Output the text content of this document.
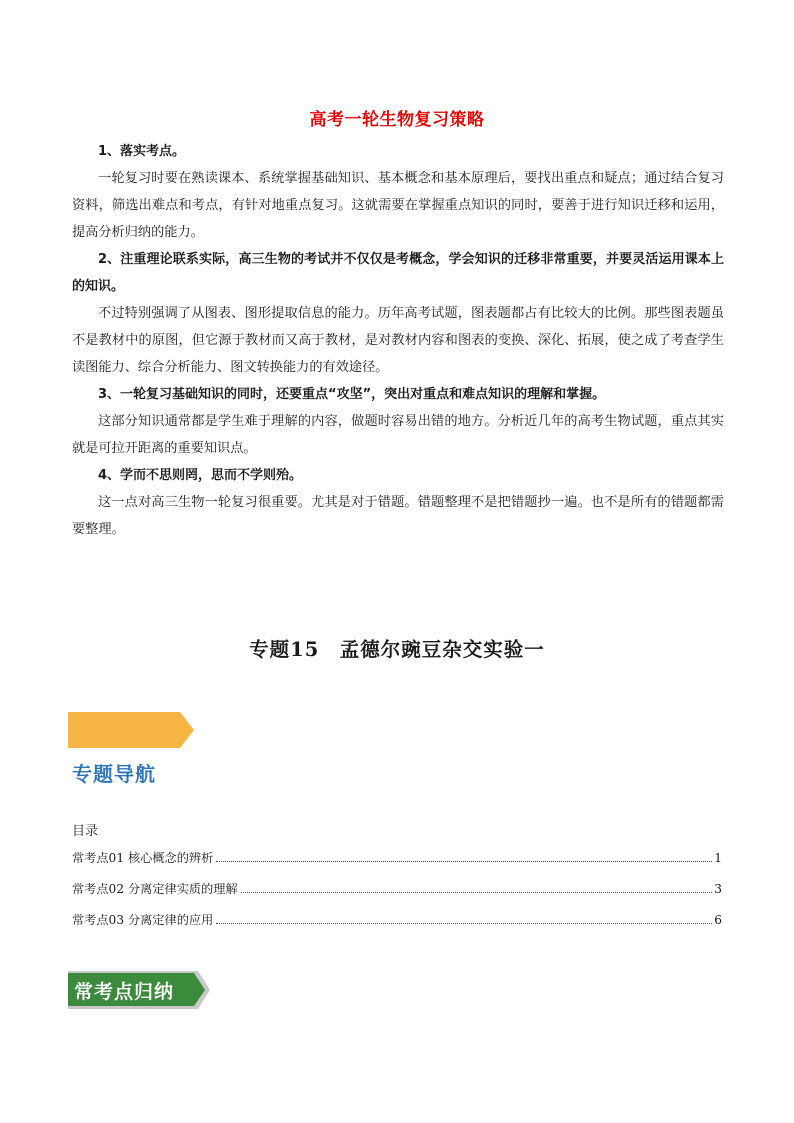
高考一轮生物复习策略

1、落实考点。

一轮复习时要在熟读课本、系统掌握基础知识、基本概念和基本原理后，要找出重点和疑点；通过结合复习资料，筛选出难点和考点，有针对地重点复习。这就需要在掌握重点知识的同时，要善于进行知识迁移和运用，提高分析归纳的能力。

2、注重理论联系实际，高三生物的考试并不仅仅是考概念，学会知识的迁移非常重要，并要灵活运用课本上的知识。

不过特别强调了从图表、图形提取信息的能力。历年高考试题，图表题都占有比较大的比例。那些图表题虽不是教材中的原图，但它源于教材而又高于教材，是对教材内容和图表的变换、深化、拓展，使之成了考查学生读图能力、综合分析能力、图文转换能力的有效途径。

3、一轮复习基础知识的同时，还要重点“攻坚”，突出对重点和难点知识的理解和掌握。

这部分知识通常都是学生难于理解的内容，做题时容易出错的地方。分析近几年的高考生物试题，重点其实就是可拉开距离的重要知识点。

4、学而不思则罔，思而不学则殆。

这一点对高三生物一轮复习很重要。尤其是对于错题。错题整理不是把错题抄一遍。也不是所有的错题都需要整理。

专题15　孟德尔豌豆杂交实验一
专题导航
目录
常考点01 核心概念的辨析	1
常考点02 分离定律实质的理解	3
常考点03 分离定律的应用	6
常考点归纳
